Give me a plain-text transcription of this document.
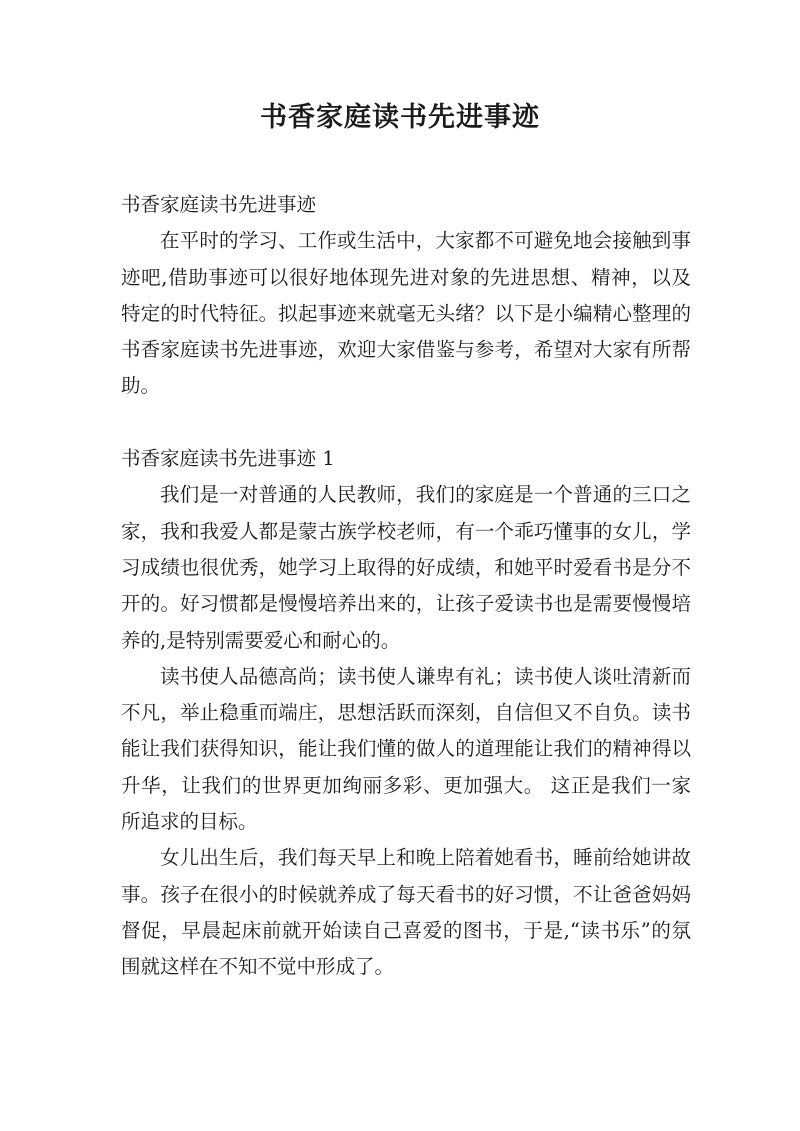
书香家庭读书先进事迹

书香家庭读书先进事迹

在平时的学习、工作或生活中，大家都不可避免地会接触到事迹吧,借助事迹可以很好地体现先进对象的先进思想、精神，以及特定的时代特征。拟起事迹来就毫无头绪？以下是小编精心整理的书香家庭读书先进事迹，欢迎大家借鉴与参考，希望对大家有所帮助。

书香家庭读书先进事迹 1

我们是一对普通的人民教师，我们的家庭是一个普通的三口之家，我和我爱人都是蒙古族学校老师，有一个乖巧懂事的女儿，学习成绩也很优秀，她学习上取得的好成绩，和她平时爱看书是分不开的。好习惯都是慢慢培养出来的，让孩子爱读书也是需要慢慢培养的,是特别需要爱心和耐心的。

读书使人品德高尚；读书使人谦卑有礼；读书使人谈吐清新而不凡，举止稳重而端庄，思想活跃而深刻，自信但又不自负。读书能让我们获得知识，能让我们懂的做人的道理能让我们的精神得以升华，让我们的世界更加绚丽多彩、更加强大。 这正是我们一家所追求的目标。

女儿出生后，我们每天早上和晚上陪着她看书，睡前给她讲故事。孩子在很小的时候就养成了每天看书的好习惯，不让爸爸妈妈督促，早晨起床前就开始读自己喜爱的图书，于是,“读书乐”的氛围就这样在不知不觉中形成了。
